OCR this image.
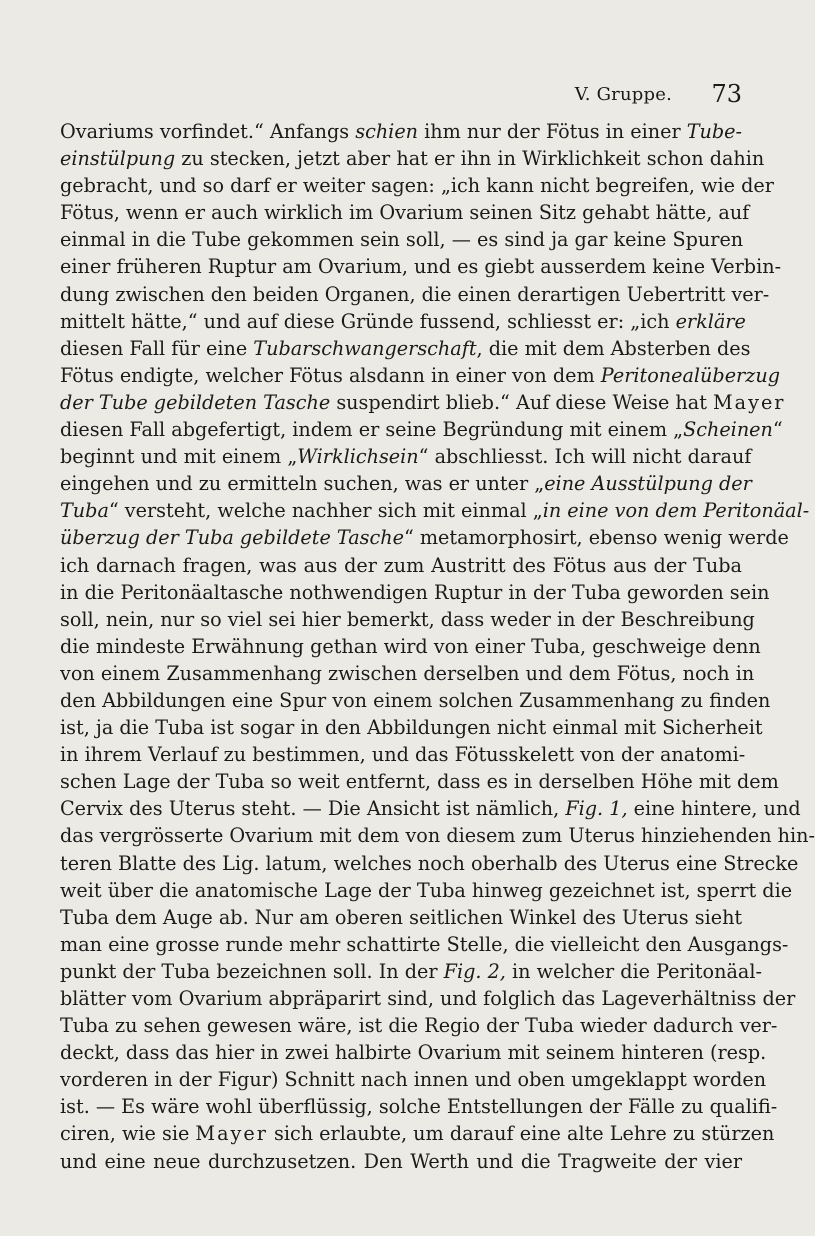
V. Gruppe. 73
Ovariums vorfindet.“ Anfangs schien ihm nur der Fötus in einer Tube-
einstülpung zu stecken, jetzt aber hat er ihn in Wirklichkeit schon dahin
gebracht, und so darf er weiter sagen: „ich kann nicht begreifen, wie der
Fötus, wenn er auch wirklich im Ovarium seinen Sitz gehabt hätte, auf
einmal in die Tube gekommen sein soll, — es sind ja gar keine Spuren
einer früheren Ruptur am Ovarium, und es giebt ausserdem keine Verbin-
dung zwischen den beiden Organen, die einen derartigen Uebertritt ver-
mittelt hätte,“ und auf diese Gründe fussend, schliesst er: „ich erkläre
diesen Fall für eine Tubarschwangerschaft, die mit dem Absterben des
Fötus endigte, welcher Fötus alsdann in einer von dem Peritonealüberzug
der Tube gebildeten Tasche suspendirt blieb.“ Auf diese Weise hat Mayer
diesen Fall abgefertigt, indem er seine Begründung mit einem „Scheinen“
beginnt und mit einem „Wirklichsein“ abschliesst. Ich will nicht darauf
eingehen und zu ermitteln suchen, was er unter „eine Ausstülpung der
Tuba“ versteht, welche nachher sich mit einmal „in eine von dem Peritonäal-
überzug der Tuba gebildete Tasche“ metamorphosirt, ebenso wenig werde
ich darnach fragen, was aus der zum Austritt des Fötus aus der Tuba
in die Peritonäaltasche nothwendigen Ruptur in der Tuba geworden sein
soll, nein, nur so viel sei hier bemerkt, dass weder in der Beschreibung
die mindeste Erwähnung gethan wird von einer Tuba, geschweige denn
von einem Zusammenhang zwischen derselben und dem Fötus, noch in
den Abbildungen eine Spur von einem solchen Zusammenhang zu finden
ist, ja die Tuba ist sogar in den Abbildungen nicht einmal mit Sicherheit
in ihrem Verlauf zu bestimmen, und das Fötusskelett von der anatomi-
schen Lage der Tuba so weit entfernt, dass es in derselben Höhe mit dem
Cervix des Uterus steht. — Die Ansicht ist nämlich, Fig. 1, eine hintere, und
das vergrösserte Ovarium mit dem von diesem zum Uterus hinziehenden hin-
teren Blatte des Lig. latum, welches noch oberhalb des Uterus eine Strecke
weit über die anatomische Lage der Tuba hinweg gezeichnet ist, sperrt die
Tuba dem Auge ab. Nur am oberen seitlichen Winkel des Uterus sieht
man eine grosse runde mehr schattirte Stelle, die vielleicht den Ausgangs-
punkt der Tuba bezeichnen soll. In der Fig. 2, in welcher die Peritonäal-
blätter vom Ovarium abpräparirt sind, und folglich das Lageverhältniss der
Tuba zu sehen gewesen wäre, ist die Regio der Tuba wieder dadurch ver-
deckt, dass das hier in zwei halbirte Ovarium mit seinem hinteren (resp.
vorderen in der Figur) Schnitt nach innen und oben umgeklappt worden
ist. — Es wäre wohl überflüssig, solche Entstellungen der Fälle zu qualifi-
ciren, wie sie Mayer sich erlaubte, um darauf eine alte Lehre zu stürzen
und eine neue durchzusetzen. Den Werth und die Tragweite der vier
